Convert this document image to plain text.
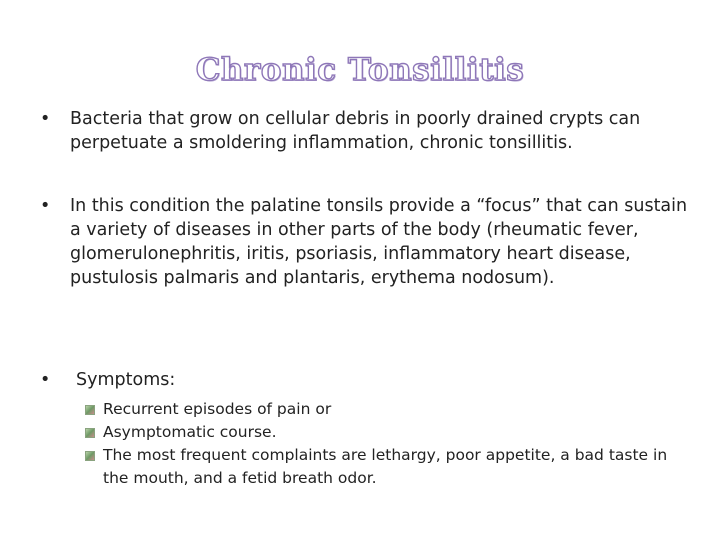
Chronic Tonsillitis
• Bacteria that grow on cellular debris in poorly drained crypts can perpetuate a smoldering inflammation, chronic tonsillitis.
• In this condition the palatine tonsils provide a “focus” that can sustain a variety of diseases in other parts of the body (rheumatic fever, glomerulonephritis, iritis, psoriasis, inflammatory heart disease, pustulosis palmaris and plantaris, erythema nodosum).
• Symptoms:
Recurrent episodes of pain or
Asymptomatic course.
The most frequent complaints are lethargy, poor appetite, a bad taste in the mouth, and a fetid breath odor.
